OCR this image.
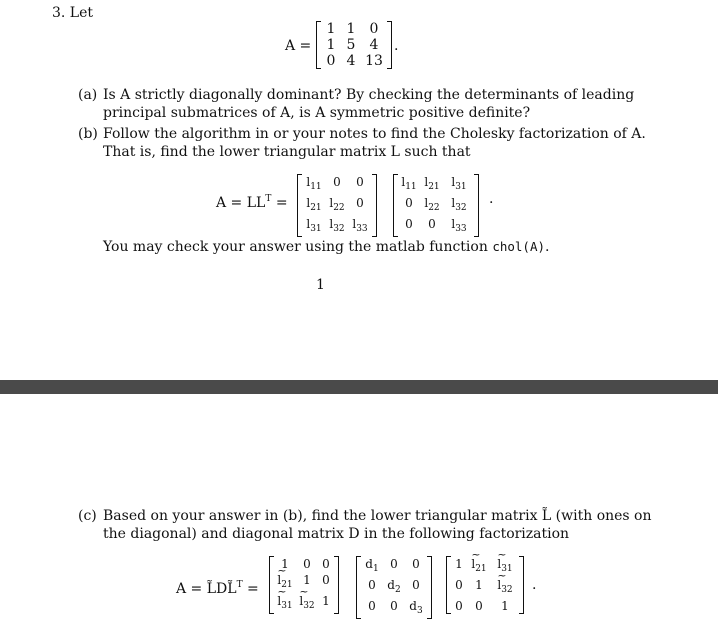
3. Let
A =
1 1	0
1 5	4
0 4 13
.
(a) Is A strictly diagonally dominant? By checking the determinants of leading
principal submatrices of A, is A symmetric positive definite?
(b) Follow the algorithm in or your notes to find the Cholesky factorization of A.
That is, find the lower triangular matrix L such that
$A = LL^T$ =
$l_{11}$ 0	0
$l_{21}$ $l_{22}$ 0
$l_{31}$ $l_{32}$ $l_{33}$
$l_{11}$ $l_{21}$ $l_{31}$
0 $l_{22}$ $l_{32}$
0	0	$l_{33}$
.
You may check your answer using the matlab function chol(A).
1
(c) Based on your answer in (b), find the lower triangular matrix L̃ (with ones on
the diagonal) and diagonal matrix D in the following factorization
A = L̃DL̃$^T$ =
1	0 0
l $\sim_{21}$ 1 0
l $\sim_{31}$ l $\sim_{32}$ 1
$d_1$ 0	0
0 $d_2$ 0
0	0 $d_3$
1 l $\sim_{21}$ l $\sim_{31}$
0	1	l $\sim_{32}$
0	0	1
.
